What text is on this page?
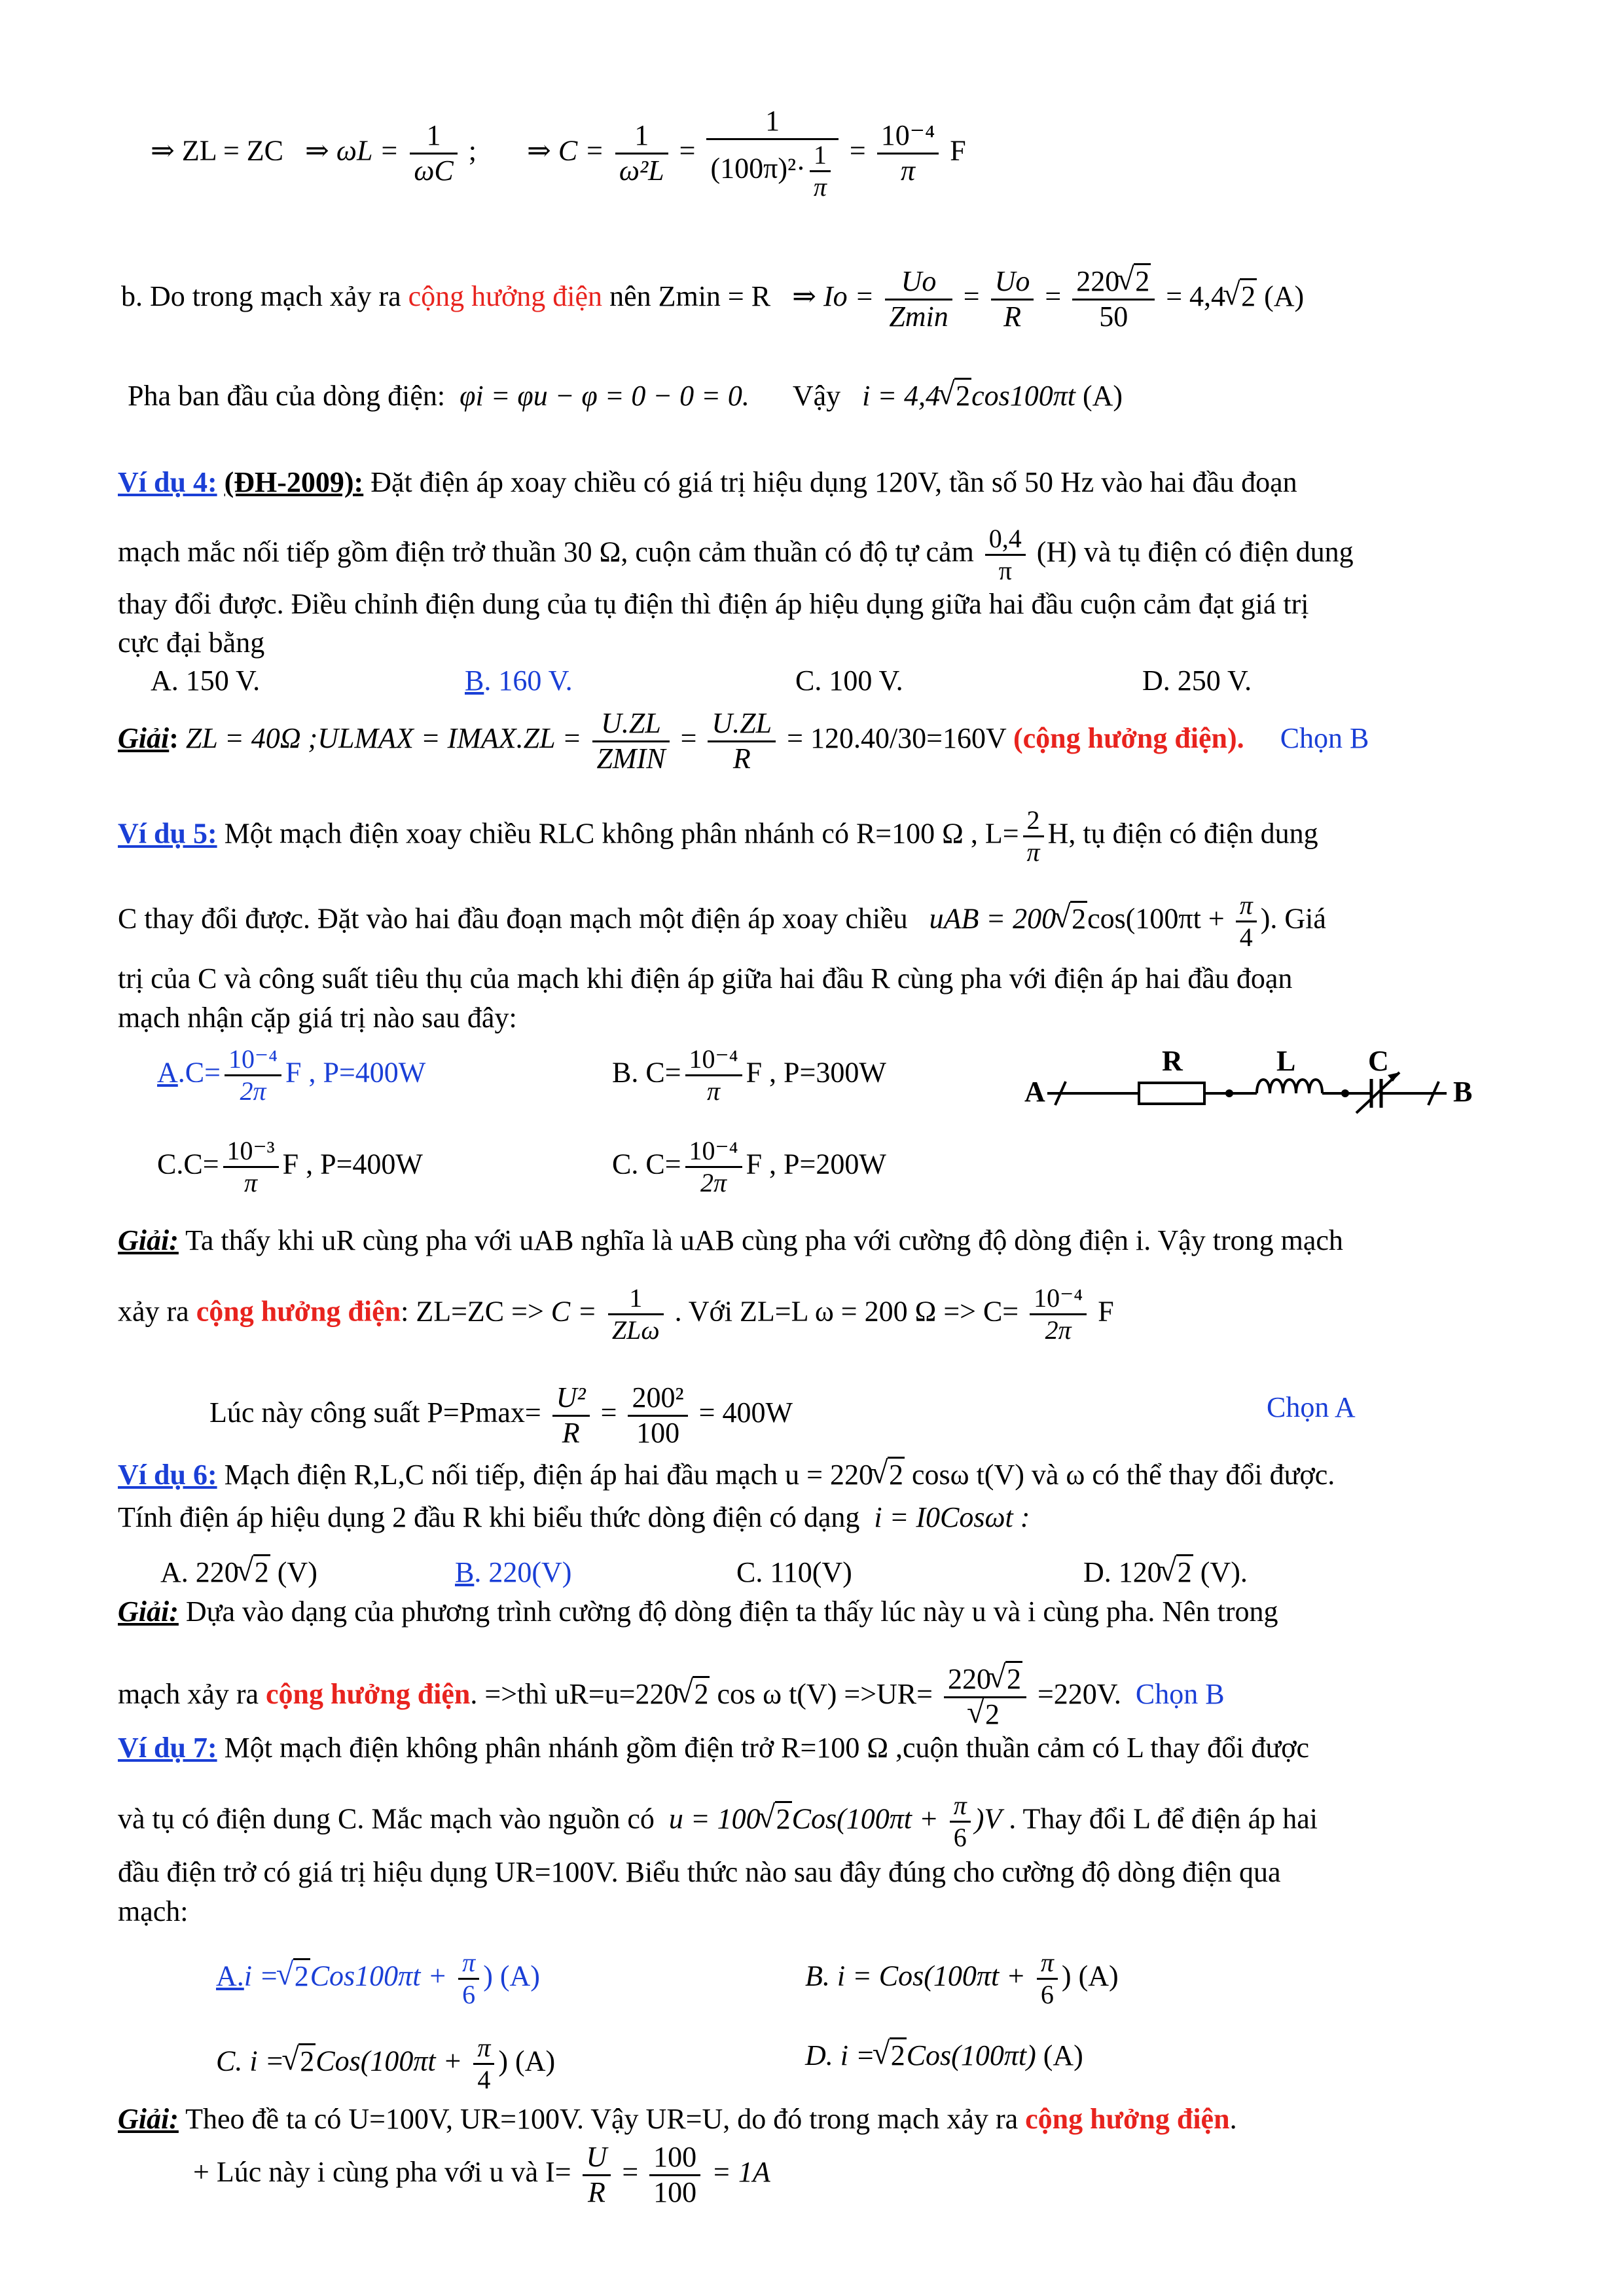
⇒ ZL = ZC ⇒ $\omega L = \frac{1}{\omega C}$ ; ⇒ $C = \frac{1}{\text{ω²L}} = \frac{1}{(100\pi)^2\cdot \frac{1}{\pi}} = \frac{\text{10⁻⁴}}{\pi}$ F
b. Do trong mạch xảy ra cộng hưởng điện nên Zmin = R ⇒ $Io = \frac{Uo}{Zmin} = \frac{Uo}{R} = \frac{220 √ 2}{50} = 4,4$ √ 2 (A)
Pha ban đầu của dòng điện: φi = φu − φ = 0 − 0 = 0. Vậy i = 4,4 √ 2cos100πt (A)
Ví dụ 4: (ĐH-2009): Đặt điện áp xoay chiều có giá trị hiệu dụng 120V, tần số 50 Hz vào hai đầu đoạn
mạch mắc nối tiếp gồm điện trở thuần 30 Ω, cuộn cảm thuần có độ tự cảm $\frac{0,4}{\pi} (H)$ và tụ điện có điện dung
thay đổi được. Điều chỉnh điện dung của tụ điện thì điện áp hiệu dụng giữa hai đầu cuộn cảm đạt giá trị
cực đại bằng
A. 150 V.	B. 160 V.	C. 100 V.	D. 250 V.
Giải: ZL = 40Ω ;ULMAX = IMAX.ZL = $\frac{U.ZL}{\text{ZMIN}} = \frac{U.ZL}{R} = 120.40/30=160V$ (cộng hưởng điện). Chọn B
Ví dụ 5: Một mạch điện xoay chiều RLC không phân nhánh có R=100 Ω , $L= \frac{2}{\pi} H$, tụ điện có điện dung
C thay đổi được. Đặt vào hai đầu đoạn mạch một điện áp xoay chiều uAB = 200 √ $2\cos(100\pi t + \frac{\pi}{4}$ ). Giá
trị của C và công suất tiêu thụ của mạch khi điện áp giữa hai đầu R cùng pha với điện áp hai đầu đoạn
mạch nhận cặp giá trị nào sau đây:
$A.C= \frac{\text{10⁻⁴}}{2\pi}$ F , P=400W	B. $C= \frac{\text{10⁻⁴}}{\pi}$ F , P=300W
$C.C= \frac{\text{10⁻³}}{\pi}$ F , P=400W	C. $C= \frac{\text{10⁻⁴}}{2\pi}$ F , P=200W
A
R	L	C
B
Giải: Ta thấy khi uR cùng pha với uAB nghĩa là uAB cùng pha với cường độ dòng điện i. Vậy trong mạch
xảy ra cộng hưởng điện: $ZL=ZC => C = \frac{1}{\text{ZLω}}$ . Với ZL=L ω = 200 $\Omega => C= \frac{\text{10⁻⁴}}{2\pi}$ F
Lúc này công suất $P=Pmax= \frac{\text{U²}}{R} = \frac{\text{200²}}{100} = 400W$	Chọn A
Ví dụ 6: Mạch điện R,L,C nối tiếp, điện áp hai đầu mạch u = 220 √ 2 cosω t(V) và ω có thể thay đổi được.
Tính điện áp hiệu dụng 2 đầu R khi biểu thức dòng điện có dạng i = I0Cosωt :
A. 220 √ 2 (V)	B. 220(V)	C. 110(V)	D. 120 √ 2 (V).
Giải: Dựa vào dạng của phương trình cường độ dòng điện ta thấy lúc này u và i cùng pha. Nên trong
mạch xảy ra cộng hưởng điện. =>thì uR=u=220 √ 2 cos ω t(V) =>UR= 220 √ 2
√ 2 =220V. Chọn B
Ví dụ 7: Một mạch điện không phân nhánh gồm điện trở R=100 Ω ,cuộn thuần cảm có L thay đổi được
và tụ có điện dung C. Mắc mạch vào nguồn có u = 100 √ $2Cos(100\pi t + \frac{\pi}{6} )V$ . Thay đổi L để điện áp hai
đầu điện trở có giá trị hiệu dụng UR=100V. Biểu thức nào sau đây đúng cho cường độ dòng điện qua
mạch:
A.i = √ $2Cos100\pi t + \frac{\pi}{6}$ ) (A)	B. $i = Cos(100\pi t + \frac{\pi}{6}$ ) (A)
C. i = √ $2Cos(100\pi t + \frac{\pi}{4}$ ) (A)	D. i = √ 2Cos(100πt) (A)
Giải: Theo đề ta có U=100V, UR=100V. Vậy UR=U, do đó trong mạch xảy ra cộng hưởng điện.
+ Lúc này i cùng pha với u và $I= \frac{U}{R} = \frac{100}{100} = 1A$
